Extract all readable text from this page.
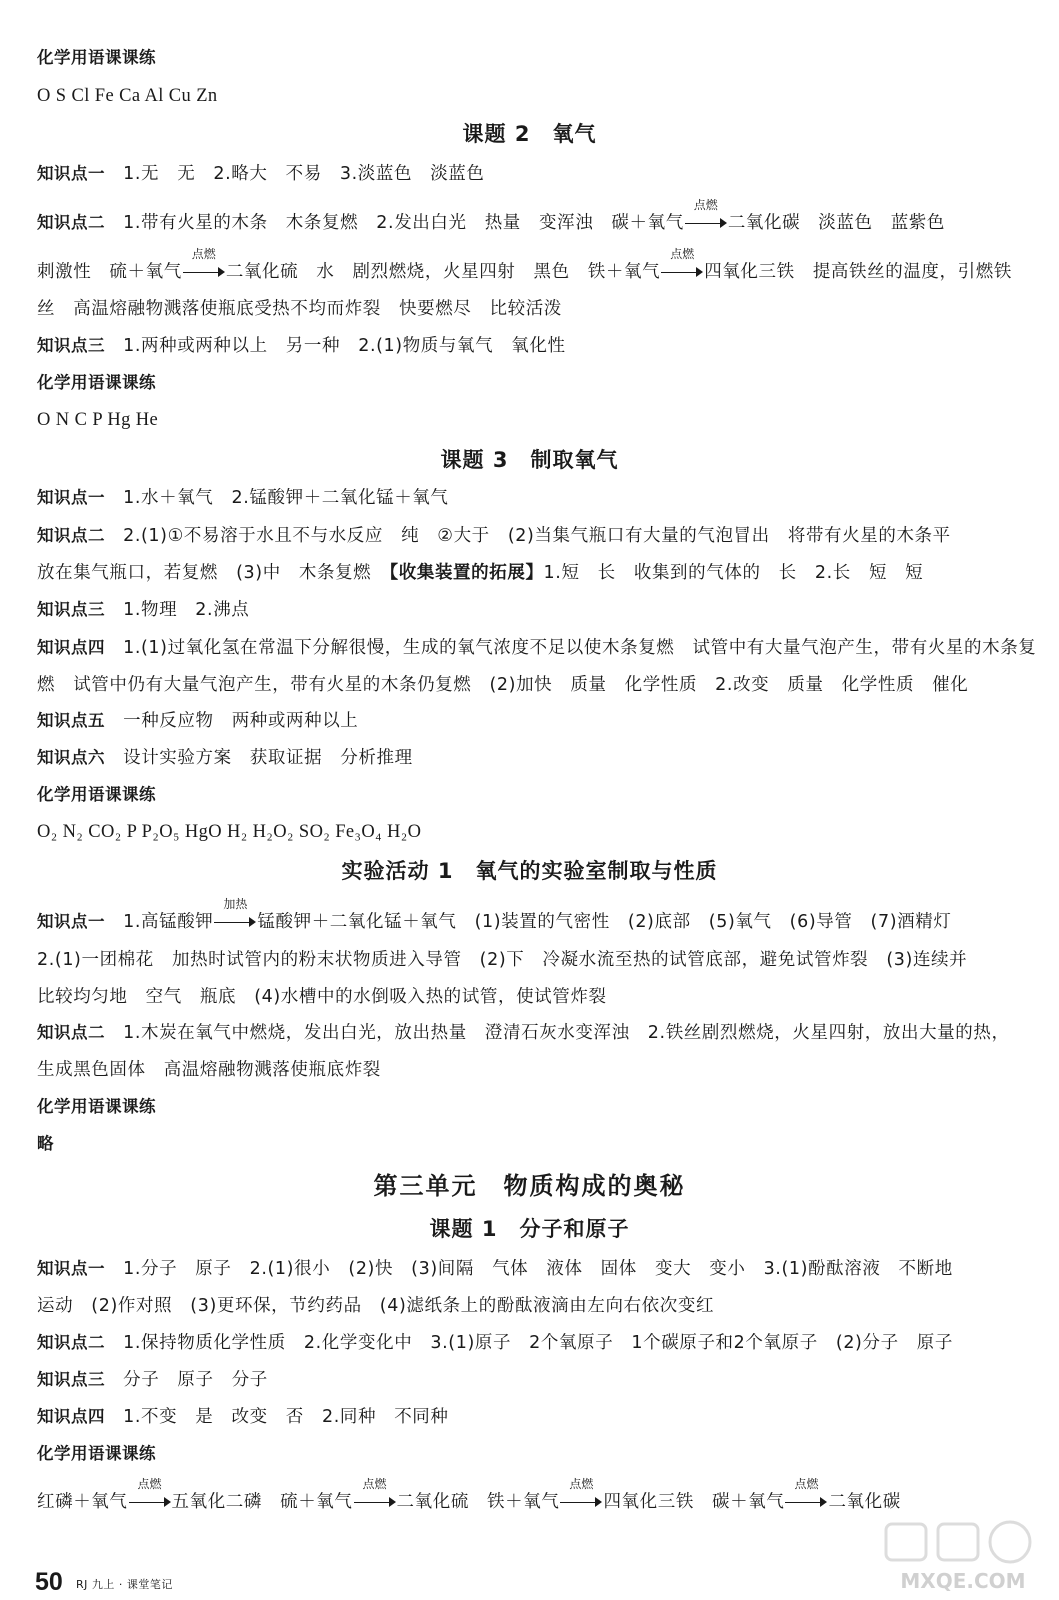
化学用语课课练
O S Cl Fe Ca Al Cu Zn
课题 2　氧气
知识点一　 1.无　无　2.略大　不易　3.淡蓝色　淡蓝色
知识点二　 1.带有火星的木条　木条复燃　2.发出白光　热量　变浑浊　碳＋氧气
点燃
二氧化碳　淡蓝色　蓝紫色
刺激性　硫＋氧气
点燃
二氧化硫　水　剧烈燃烧，火星四射　黑色　铁＋氧气
点燃
四氧化三铁　提高铁丝的温度，引燃铁
丝　高温熔融物溅落使瓶底受热不均而炸裂　快要燃尽　比较活泼
知识点三　 1.两种或两种以上　另一种　2.(1)物质与氧气　氧化性
化学用语课课练
O N C P Hg He
课题 3　制取氧气
知识点一　 1.水＋氧气　2.锰酸钾＋二氧化锰＋氧气
知识点二　 2.(1)①不易溶于水且不与水反应　纯　②大于　(2)当集气瓶口有大量的气泡冒出　将带有火星的木条平
放在集气瓶口，若复燃　(3)中　木条复燃　【收集装置的拓展】1.短　长　收集到的气体的　长　2.长　短　短
知识点三　 1.物理　2.沸点
知识点四　 1.(1)过氧化氢在常温下分解很慢，生成的氧气浓度不足以使木条复燃　试管中有大量气泡产生，带有火星的木条复
燃　试管中仍有大量气泡产生，带有火星的木条仍复燃　(2)加快　质量　化学性质　2.改变　质量　化学性质　催化
知识点五　 一种反应物　两种或两种以上
知识点六　 设计实验方案　获取证据　分析推理
化学用语课课练
O₂ N₂ CO₂ P P₂O₅ HgO H₂ H₂O₂ SO₂ Fe₃O₄ H₂O
实验活动 1　氧气的实验室制取与性质
知识点一　 1.高锰酸钾
加热
锰酸钾＋二氧化锰＋氧气　(1)装置的气密性　(2)底部　(5)氧气　(6)导管　(7)酒精灯
2.(1)一团棉花　加热时试管内的粉末状物质进入导管　(2)下　冷凝水流至热的试管底部，避免试管炸裂　(3)连续并
比较均匀地　空气　瓶底　(4)水槽中的水倒吸入热的试管，使试管炸裂
知识点二　 1.木炭在氧气中燃烧，发出白光，放出热量　澄清石灰水变浑浊　2.铁丝剧烈燃烧，火星四射，放出大量的热，
生成黑色固体　高温熔融物溅落使瓶底炸裂
化学用语课课练
略
第三单元　物质构成的奥秘
课题 1　分子和原子
知识点一　 1.分子　原子　2.(1)很小　(2)快　(3)间隔　气体　液体　固体　变大　变小　3.(1)酚酞溶液　不断地
运动　(2)作对照　(3)更环保，节约药品　(4)滤纸条上的酚酞液滴由左向右依次变红
知识点二　 1.保持物质化学性质　2.化学变化中　3.(1)原子　2个氧原子　1个碳原子和2个氧原子　(2)分子　原子
知识点三　 分子　原子　分子
知识点四　 1.不变　是　改变　否　2.同种　不同种
化学用语课课练
红磷＋氧气
点燃
五氧化二磷　 硫＋氧气
点燃
二氧化硫　 铁＋氧气
点燃
四氧化三铁　 碳＋氧气
点燃
二氧化碳
50 RJ 九上 · 课堂笔记	MXQE.COM
